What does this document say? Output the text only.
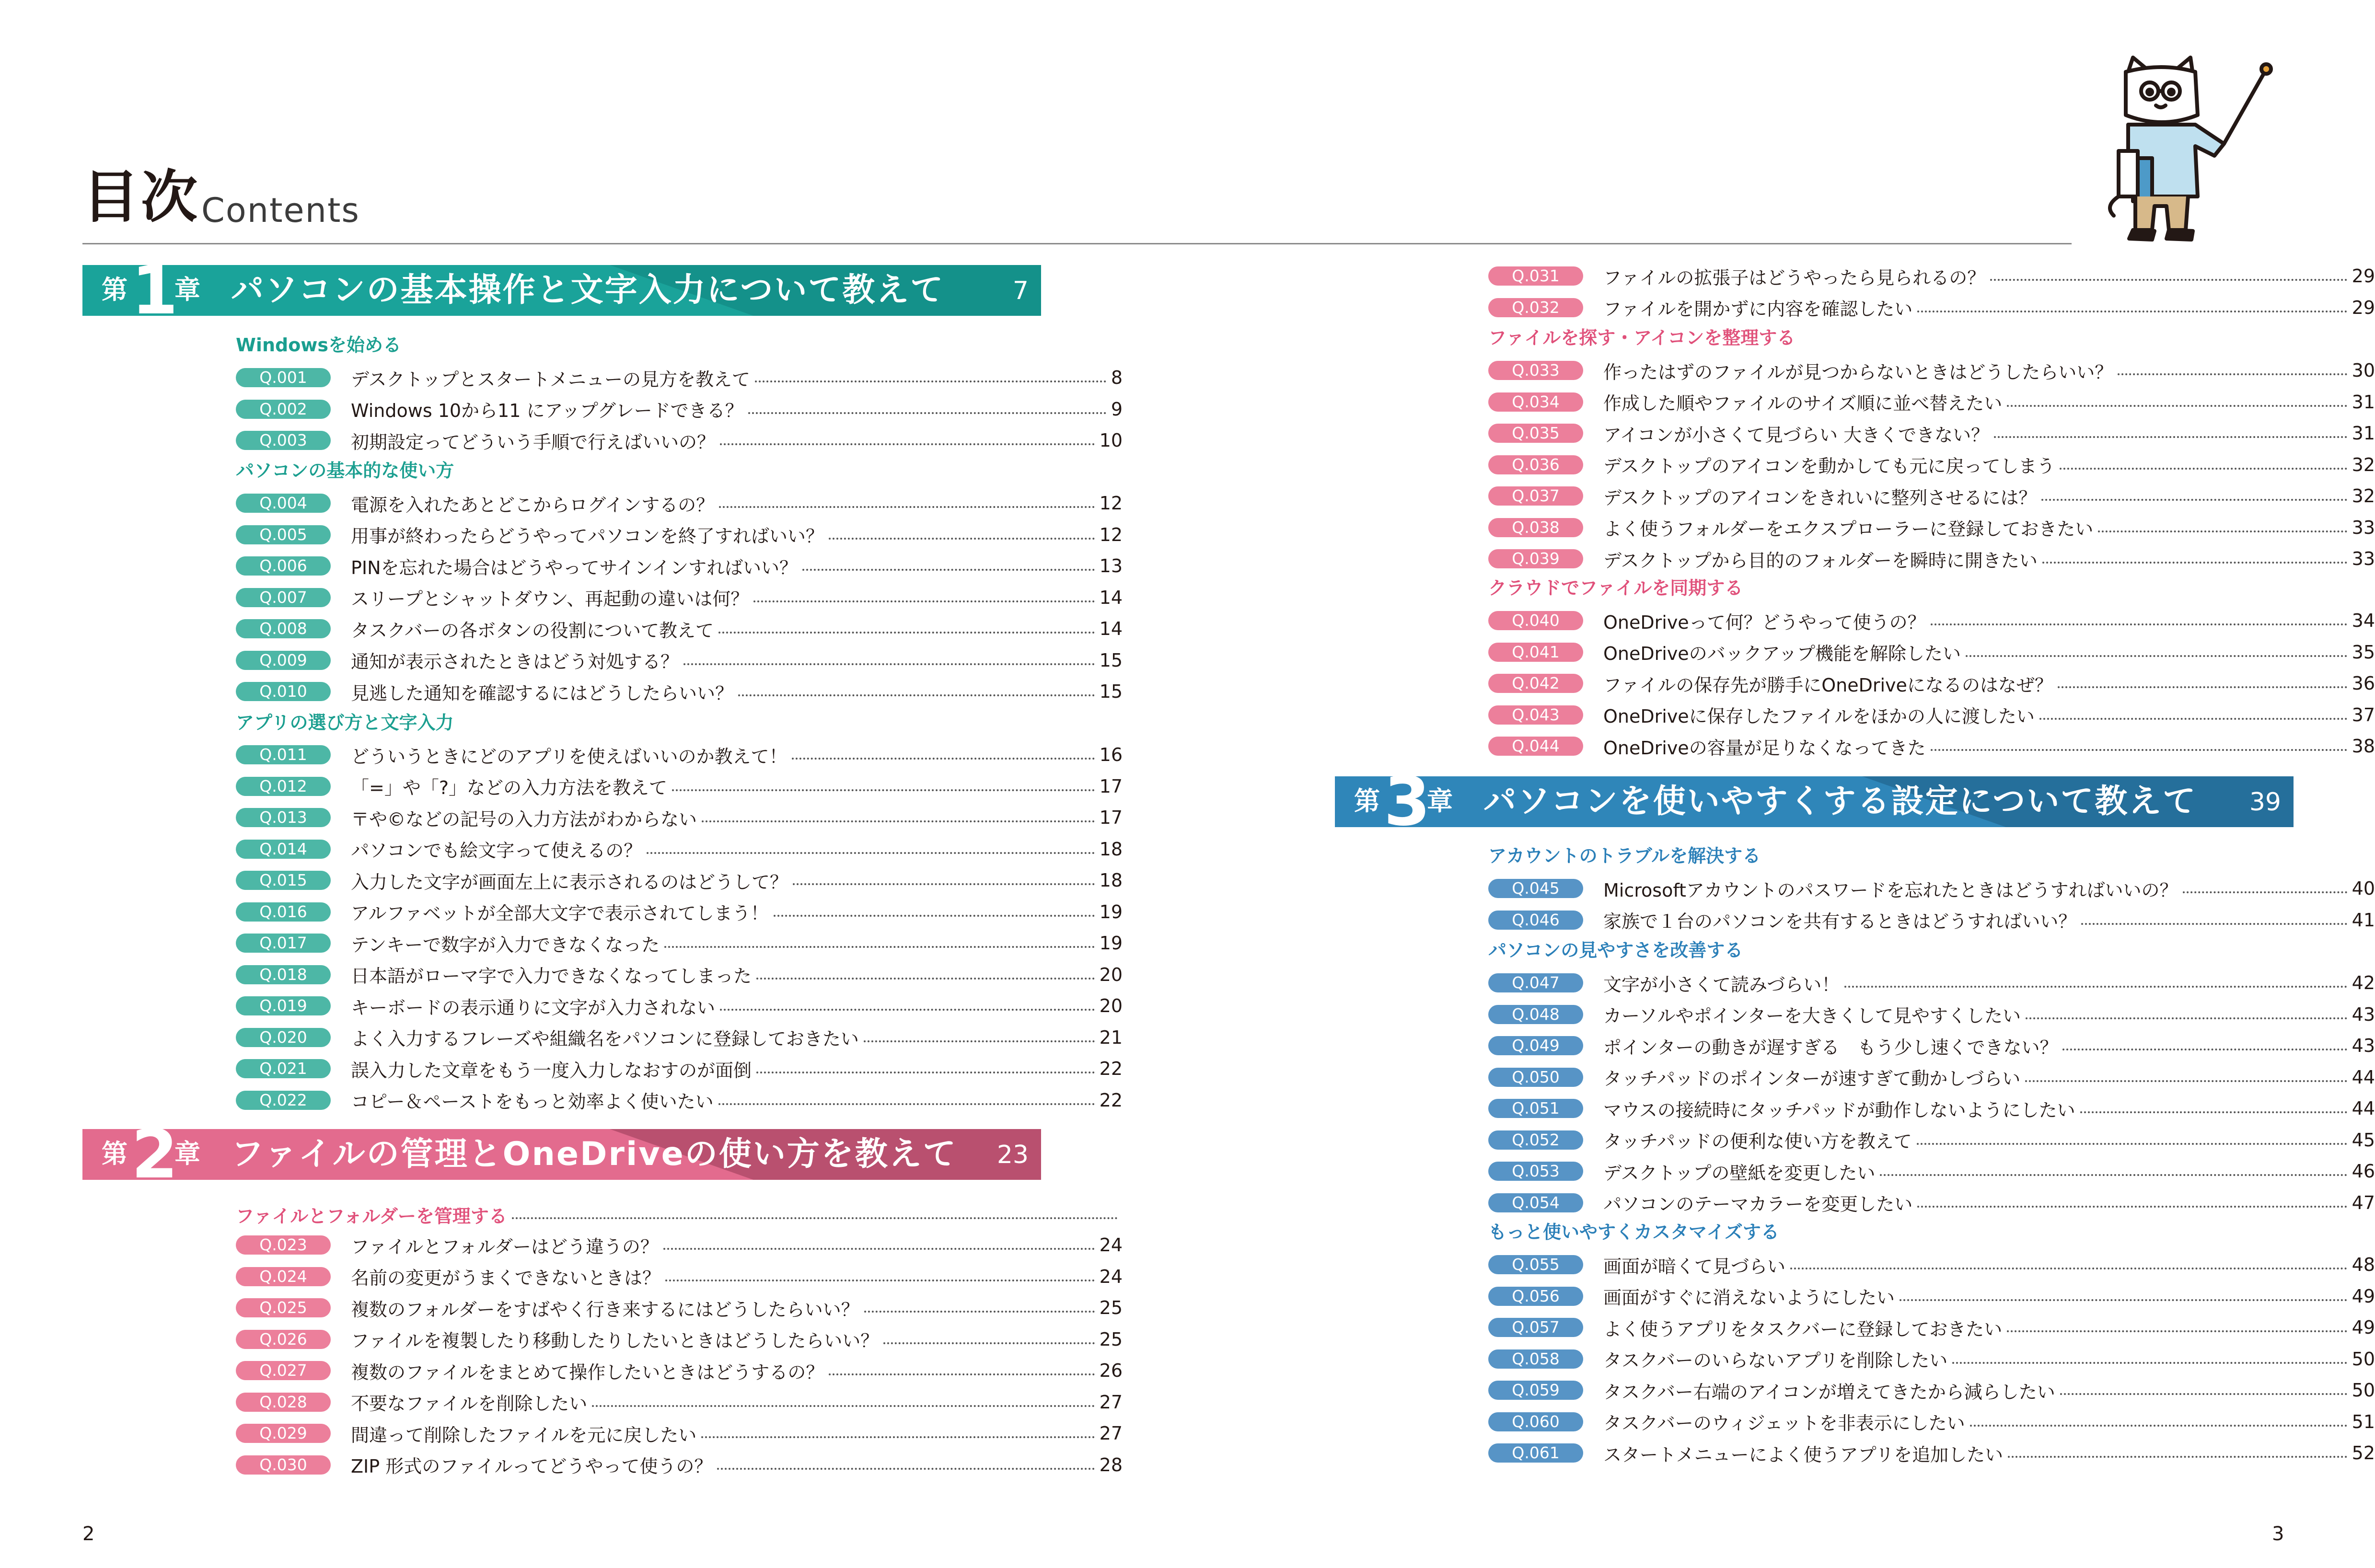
目次 Contents
第 1
章 パソコンの基本操作と文字入力について教えて	7
Windowsを始める
Q.001	デスクトップとスタートメニューの見方を教えて	8
Q.002	Windows 10から11 にアップグレードできる？	9
Q.003	初期設定ってどういう手順で行えばいいの？	10
パソコンの基本的な使い方
Q.004	電源を入れたあとどこからログインするの？	12
Q.005	用事が終わったらどうやってパソコンを終了すればいい？	12
Q.006	PINを忘れた場合はどうやってサインインすればいい？	13
Q.007	スリープとシャットダウン、再起動の違いは何？	14
Q.008	タスクバーの各ボタンの役割について教えて	14
Q.009	通知が表示されたときはどう対処する？	15
Q.010	見逃した通知を確認するにはどうしたらいい？	15
アプリの選び方と文字入力
Q.011	どういうときにどのアプリを使えばいいのか教えて！	16
Q.012	「=」や「?」などの入力方法を教えて	17
Q.013	〒や©などの記号の入力方法がわからない	17
Q.014	パソコンでも絵文字って使えるの？	18
Q.015	入力した文字が画面左上に表示されるのはどうして？	18
Q.016	アルファベットが全部大文字で表示されてしまう！	19
Q.017	テンキーで数字が入力できなくなった	19
Q.018	日本語がローマ字で入力できなくなってしまった	20
Q.019	キーボードの表示通りに文字が入力されない	20
Q.020	よく入力するフレーズや組織名をパソコンに登録しておきたい	21
Q.021	誤入力した文章をもう一度入力しなおすのが面倒	22
Q.022	コピー＆ペーストをもっと効率よく使いたい	22
第 2
章 ファイルの管理とOneDriveの使い方を教えて 23
ファイルとフォルダーを管理する
Q.023	ファイルとフォルダーはどう違うの？	24
Q.024	名前の変更がうまくできないときは？	24
Q.025	複数のフォルダーをすばやく行き来するにはどうしたらいい？	25
Q.026	ファイルを複製したり移動したりしたいときはどうしたらいい？	25
Q.027	複数のファイルをまとめて操作したいときはどうするの？	26
Q.028	不要なファイルを削除したい	27
Q.029	間違って削除したファイルを元に戻したい	27
Q.030	ZIP 形式のファイルってどうやって使うの？	28
2
Q.031	ファイルの拡張子はどうやったら見られるの？	29
Q.032	ファイルを開かずに内容を確認したい	29
ファイルを探す・アイコンを整理する
Q.033	作ったはずのファイルが見つからないときはどうしたらいい？	30
Q.034	作成した順やファイルのサイズ順に並べ替えたい	31
Q.035	アイコンが小さくて見づらい 大きくできない？	31
Q.036	デスクトップのアイコンを動かしても元に戻ってしまう	32
Q.037	デスクトップのアイコンをきれいに整列させるには？	32
Q.038	よく使うフォルダーをエクスプローラーに登録しておきたい	33
Q.039	デスクトップから目的のフォルダーを瞬時に開きたい	33
クラウドでファイルを同期する
Q.040	OneDriveって何？どうやって使うの？	34
Q.041	OneDriveのバックアップ機能を解除したい	35
Q.042	ファイルの保存先が勝手にOneDriveになるのはなぜ？	36
Q.043	OneDriveに保存したファイルをほかの人に渡したい	37
Q.044	OneDriveの容量が足りなくなってきた	38
第 3
章 パソコンを使いやすくする設定について教えて 39
アカウントのトラブルを解決する
Q.045	Microsoftアカウントのパスワードを忘れたときはどうすればいいの？	40
Q.046	家族で１台のパソコンを共有するときはどうすればいい？	41
パソコンの見やすさを改善する
Q.047	文字が小さくて読みづらい！	42
Q.048	カーソルやポインターを大きくして見やすくしたい	43
Q.049	ポインターの動きが遅すぎる　もう少し速くできない？	43
Q.050	タッチパッドのポインターが速すぎて動かしづらい	44
Q.051	マウスの接続時にタッチパッドが動作しないようにしたい	44
Q.052	タッチパッドの便利な使い方を教えて	45
Q.053	デスクトップの壁紙を変更したい	46
Q.054	パソコンのテーマカラーを変更したい	47
もっと使いやすくカスタマイズする
Q.055	画面が暗くて見づらい	48
Q.056	画面がすぐに消えないようにしたい	49
Q.057	よく使うアプリをタスクバーに登録しておきたい	49
Q.058	タスクバーのいらないアプリを削除したい	50
Q.059	タスクバー右端のアイコンが増えてきたから減らしたい	50
Q.060	タスクバーのウィジェットを非表示にしたい	51
Q.061	スタートメニューによく使うアプリを追加したい	52
3
